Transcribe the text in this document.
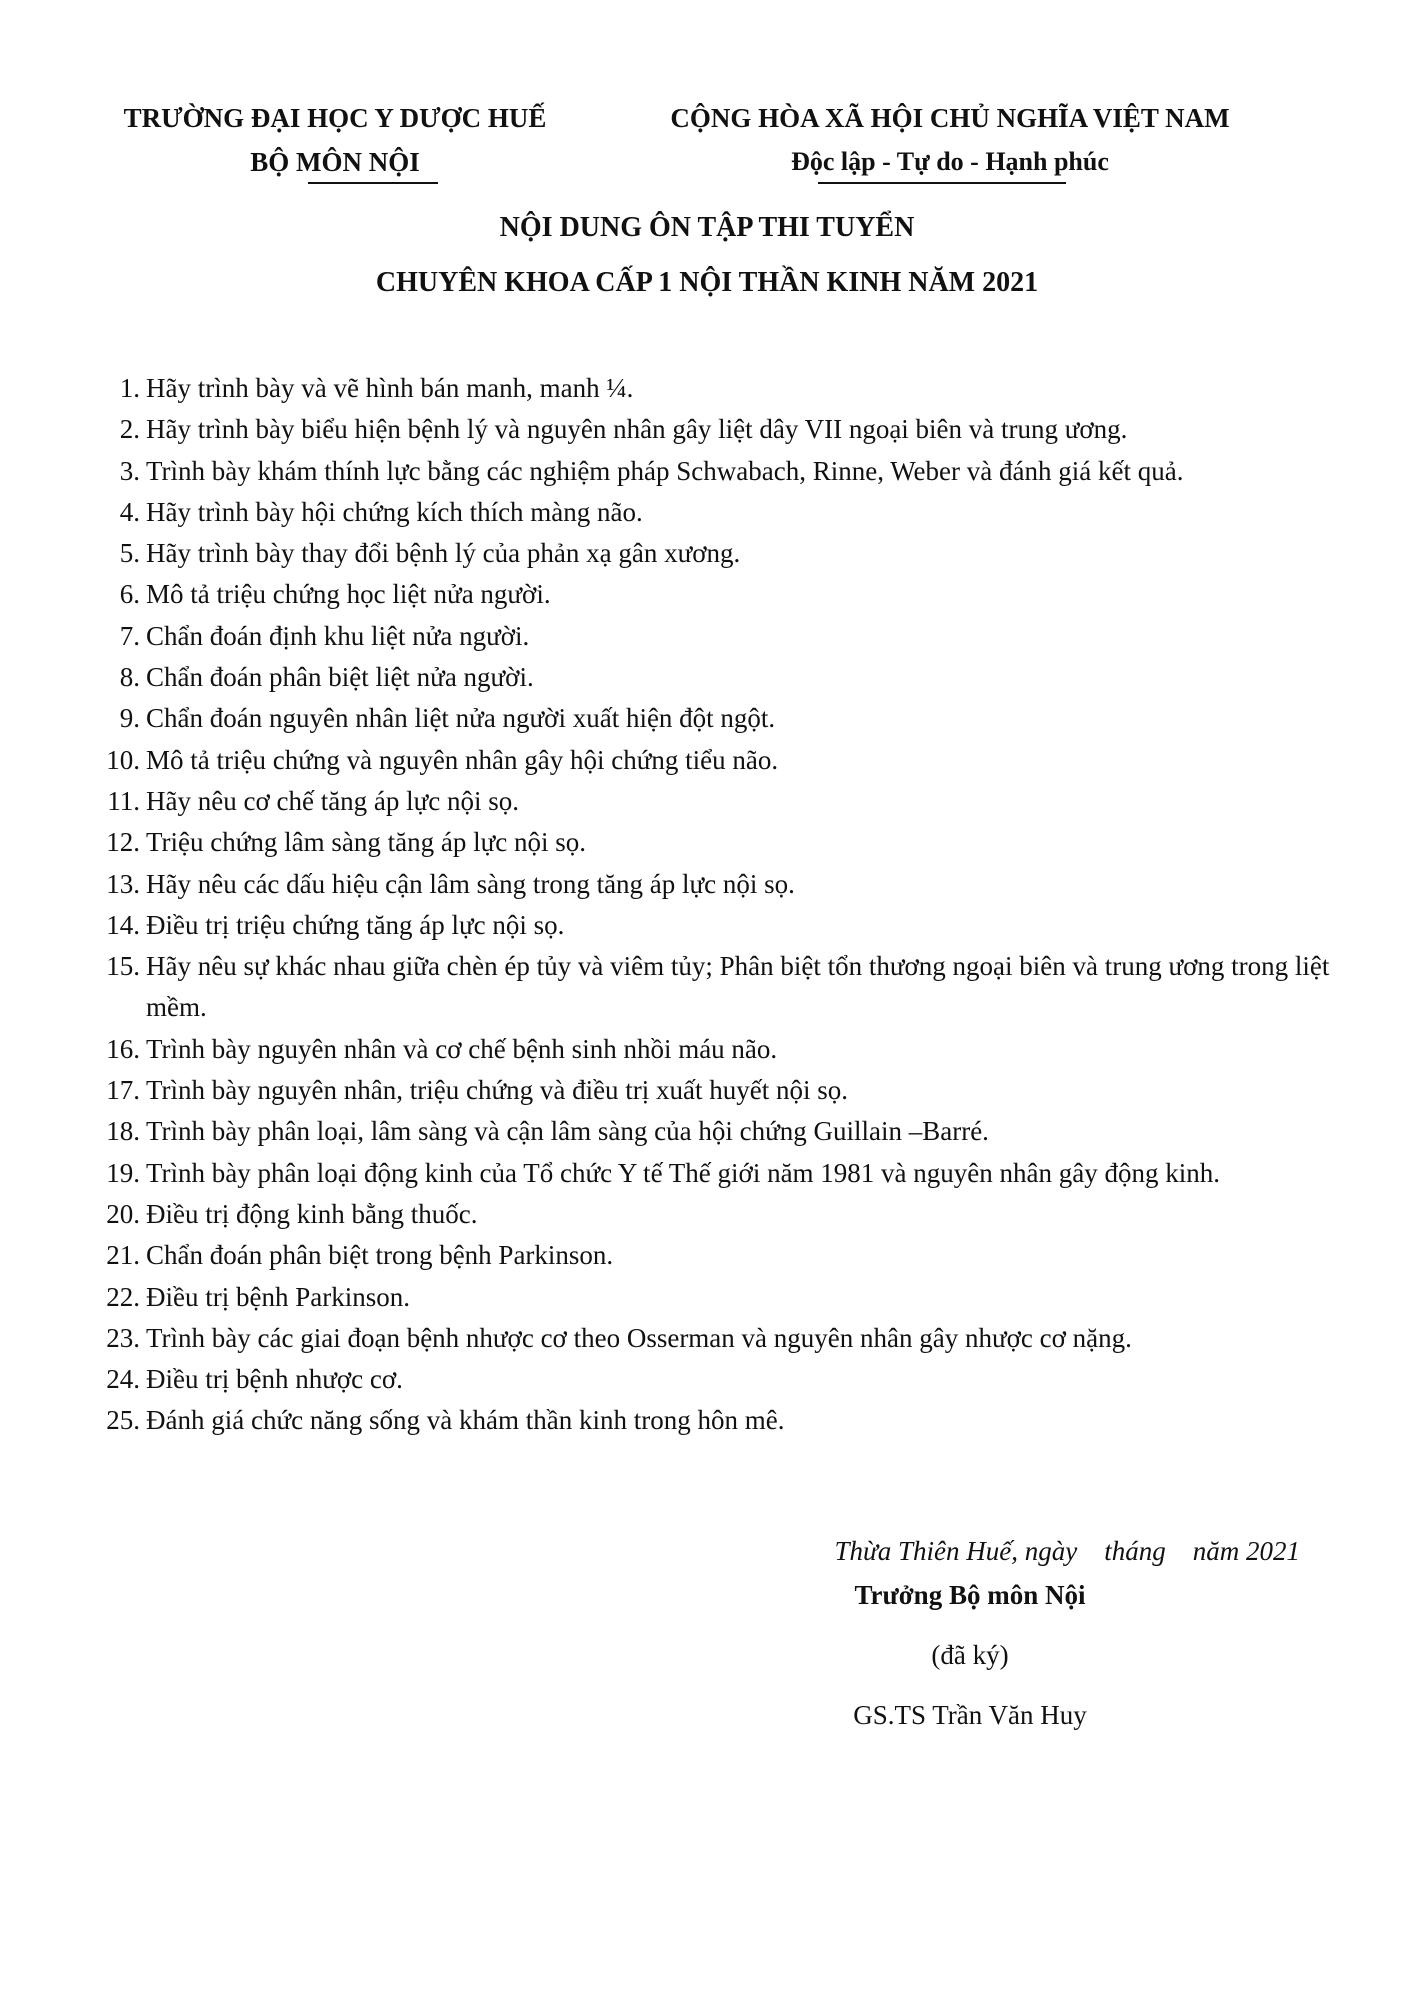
TRƯỜNG ĐẠI HỌC Y DƯỢC HUẾ
BỘ MÔN NỘI
CỘNG HÒA XÃ HỘI CHỦ NGHĨA VIỆT NAM
Độc lập - Tự do - Hạnh phúc
NỘI DUNG ÔN TẬP THI TUYỂN
CHUYÊN KHOA CẤP 1 NỘI THẦN KINH NĂM 2021
1. Hãy trình bày và vẽ hình bán manh, manh ¼.
2. Hãy trình bày biểu hiện bệnh lý và nguyên nhân gây liệt dây VII ngoại biên và trung ương.
3. Trình bày khám thính lực bằng các nghiệm pháp Schwabach, Rinne, Weber và đánh giá kết quả.
4. Hãy trình bày hội chứng kích thích màng não.
5. Hãy trình bày thay đổi bệnh lý của phản xạ gân xương.
6. Mô tả triệu chứng học liệt nửa người.
7. Chẩn đoán định khu liệt nửa người.
8. Chẩn đoán phân biệt liệt nửa người.
9. Chẩn đoán nguyên nhân liệt nửa người xuất hiện đột ngột.
10. Mô tả triệu chứng và nguyên nhân gây hội chứng tiểu não.
11. Hãy nêu cơ chế tăng áp lực nội sọ.
12. Triệu chứng lâm sàng tăng áp lực nội sọ.
13. Hãy nêu các dấu hiệu cận lâm sàng trong tăng áp lực nội sọ.
14. Điều trị triệu chứng tăng áp lực nội sọ.
15. Hãy nêu sự khác nhau giữa chèn ép tủy và viêm tủy; Phân biệt tổn thương ngoại biên và trung ương trong liệt mềm.
16. Trình bày nguyên nhân và cơ chế bệnh sinh nhồi máu não.
17. Trình bày nguyên nhân, triệu chứng và điều trị xuất huyết nội sọ.
18. Trình bày phân loại, lâm sàng và cận lâm sàng của hội chứng Guillain –Barré.
19. Trình bày phân loại động kinh của Tổ chức Y tế Thế giới năm 1981 và nguyên nhân gây động kinh.
20. Điều trị động kinh bằng thuốc.
21. Chẩn đoán phân biệt trong bệnh Parkinson.
22. Điều trị bệnh Parkinson.
23. Trình bày các giai đoạn bệnh nhược cơ theo Osserman và nguyên nhân gây nhược cơ nặng.
24. Điều trị bệnh nhược cơ.
25. Đánh giá chức năng sống và khám thần kinh trong hôn mê.
Thừa Thiên Huế, ngày    tháng    năm 2021
Trưởng Bộ môn Nội
(đã ký)
GS.TS Trần Văn Huy
